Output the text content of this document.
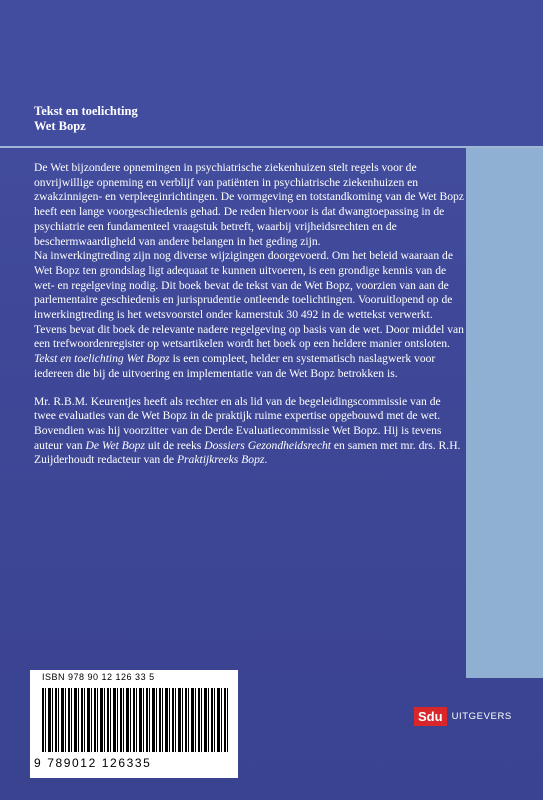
Tekst en toelichting
Wet Bopz

De Wet bijzondere opnemingen in psychiatrische ziekenhuizen stelt regels voor de onvrijwillige opneming en verblijf van patiënten in psychiatrische ziekenhuizen en zwakzinnigen- en verpleeginrichtingen. De vormgeving en totstandkoming van de Wet Bopz heeft een lange voorgeschiedenis gehad. De reden hiervoor is dat dwangtoepassing in de psychiatrie een fundamenteel vraagstuk betreft, waarbij vrijheidsrechten en de beschermwaardigheid van andere belangen in het geding zijn.

Na inwerkingtreding zijn nog diverse wijzigingen doorgevoerd. Om het beleid waaraan de Wet Bopz ten grondslag ligt adequaat te kunnen uitvoeren, is een grondige kennis van de wet- en regelgeving nodig. Dit boek bevat de tekst van de Wet Bopz, voorzien van aan de parlementaire geschiedenis en jurisprudentie ontleende toelichtingen. Vooruitlopend op de inwerkingtreding is het wetsvoorstel onder kamerstuk 30 492 in de wettekst verwerkt.

Tevens bevat dit boek de relevante nadere regelgeving op basis van de wet. Door middel van een trefwoordenregister op wetsartikelen wordt het boek op een heldere manier ontsloten.

Tekst en toelichting Wet Bopz is een compleet, helder en systematisch naslagwerk voor iedereen die bij de uitvoering en implementatie van de Wet Bopz betrokken is.

Mr. R.B.M. Keurentjes heeft als rechter en als lid van de begeleidingscommissie van de twee evaluaties van de Wet Bopz in de praktijk ruime expertise opgebouwd met de wet. Bovendien was hij voorzitter van de Derde Evaluatiecommissie Wet Bopz. Hij is tevens auteur van De Wet Bopz uit de reeks Dossiers Gezondheidsrecht en samen met mr. drs. R.H. Zuijderhoudt redacteur van de Praktijkreeks Bopz.

ISBN 978 90 12 126 33 5
9 789012 126335
Sdu UITGEVERS
